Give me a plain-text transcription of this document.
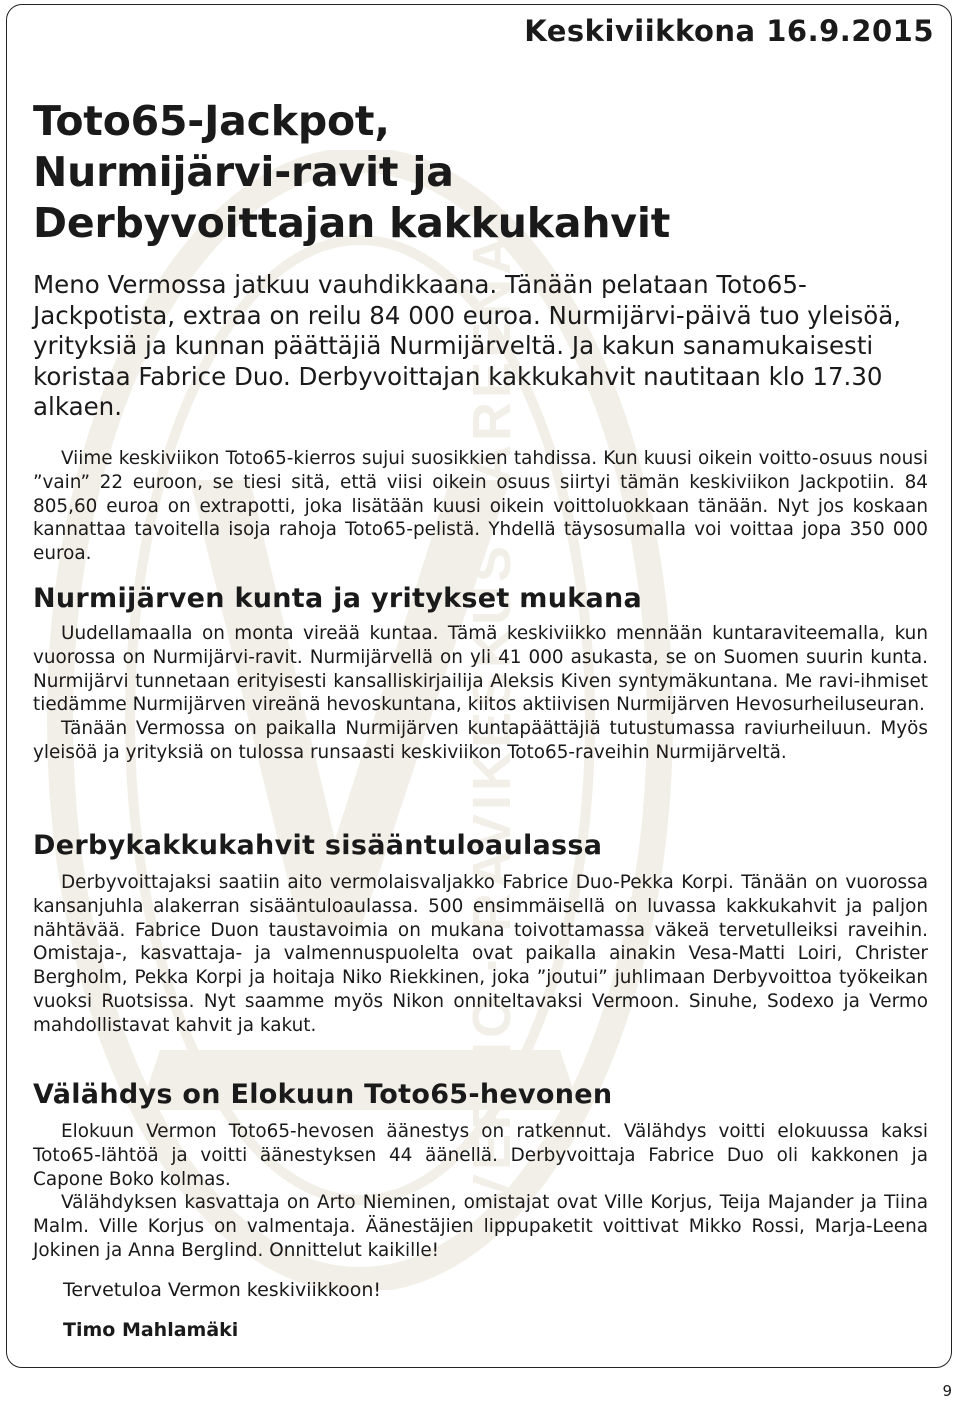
VERMO · RAVIKESKUS · AREENA
Keskiviikkona 16.9.2015
Toto65-Jackpot,
Nurmijärvi-ravit ja
Derbyvoittajan kakkukahvit

Meno Vermossa jatkuu vauhdikkaana. Tänään pelataan Toto65-Jackpotista, extraa on reilu 84 000 euroa. Nurmijärvi-päivä tuo yleisöä, yrityksiä ja kunnan päättäjiä Nurmijärveltä. Ja kakun sanamukaisesti koristaa Fabrice Duo. Derbyvoittajan kakkukahvit nautitaan klo 17.30 alkaen.

Viime keskiviikon Toto65-kierros sujui suosikkien tahdissa. Kun kuusi oikein voitto-osuus nousi ”vain” 22 euroon, se tiesi sitä, että viisi oikein osuus siirtyi tämän keskiviikon Jackpotiin. 84 805,60 euroa on extrapotti, joka lisätään kuusi oikein voittoluokkaan tänään. Nyt jos koskaan kannattaa tavoitella isoja rahoja Toto65-pelistä. Yhdellä täysosumalla voi voittaa jopa 350 000 euroa.

Nurmijärven kunta ja yritykset mukana
Uudellamaalla on monta vireää kuntaa. Tämä keskiviikko mennään kuntaraviteemalla, kun vuorossa on Nurmijärvi-ravit. Nurmijärvellä on yli 41 000 asukasta, se on Suomen suurin kunta. Nurmijärvi tunnetaan erityisesti kansalliskirjailija Aleksis Kiven syntymäkuntana. Me ravi-ihmiset tiedämme Nurmijärven vireänä hevoskuntana, kiitos aktiivisen Nurmijärven Hevosurheiluseuran.
Tänään Vermossa on paikalla Nurmijärven kuntapäättäjiä tutustumassa raviurheiluun. Myös yleisöä ja yrityksiä on tulossa runsaasti keskiviikon Toto65-raveihin Nurmijärveltä.
Derbykakkukahvit sisääntuloaulassa
Derbyvoittajaksi saatiin aito vermolaisvaljakko Fabrice Duo-Pekka Korpi. Tänään on vuorossa kansanjuhla alakerran sisääntuloaulassa. 500 ensimmäisellä on luvassa kakkukahvit ja paljon nähtävää. Fabrice Duon taustavoimia on mukana toivottamassa väkeä tervetulleiksi raveihin. Omistaja-, kasvattaja- ja valmennuspuolelta ovat paikalla ainakin Vesa-Matti Loiri, Christer Bergholm, Pekka Korpi ja hoitaja Niko Riekkinen, joka ”joutui” juhlimaan Derbyvoittoa työkeikan vuoksi Ruotsissa. Nyt saamme myös Nikon onniteltavaksi Vermoon. Sinuhe, Sodexo ja Vermo mahdollistavat kahvit ja kakut.
Välähdys on Elokuun Toto65-hevonen
Elokuun Vermon Toto65-hevosen äänestys on ratkennut. Välähdys voitti elokuussa kaksi Toto65-lähtöä ja voitti äänestyksen 44 äänellä. Derbyvoittaja Fabrice Duo oli kakkonen ja Capone Boko kolmas.
Välähdyksen kasvattaja on Arto Nieminen, omistajat ovat Ville Korjus, Teija Majander ja Tiina Malm. Ville Korjus on valmentaja. Äänestäjien lippupaketit voittivat Mikko Rossi, Marja-Leena Jokinen ja Anna Berglind. Onnittelut kaikille!

Tervetuloa Vermon keskiviikkoon!

Timo Mahlamäki

9
